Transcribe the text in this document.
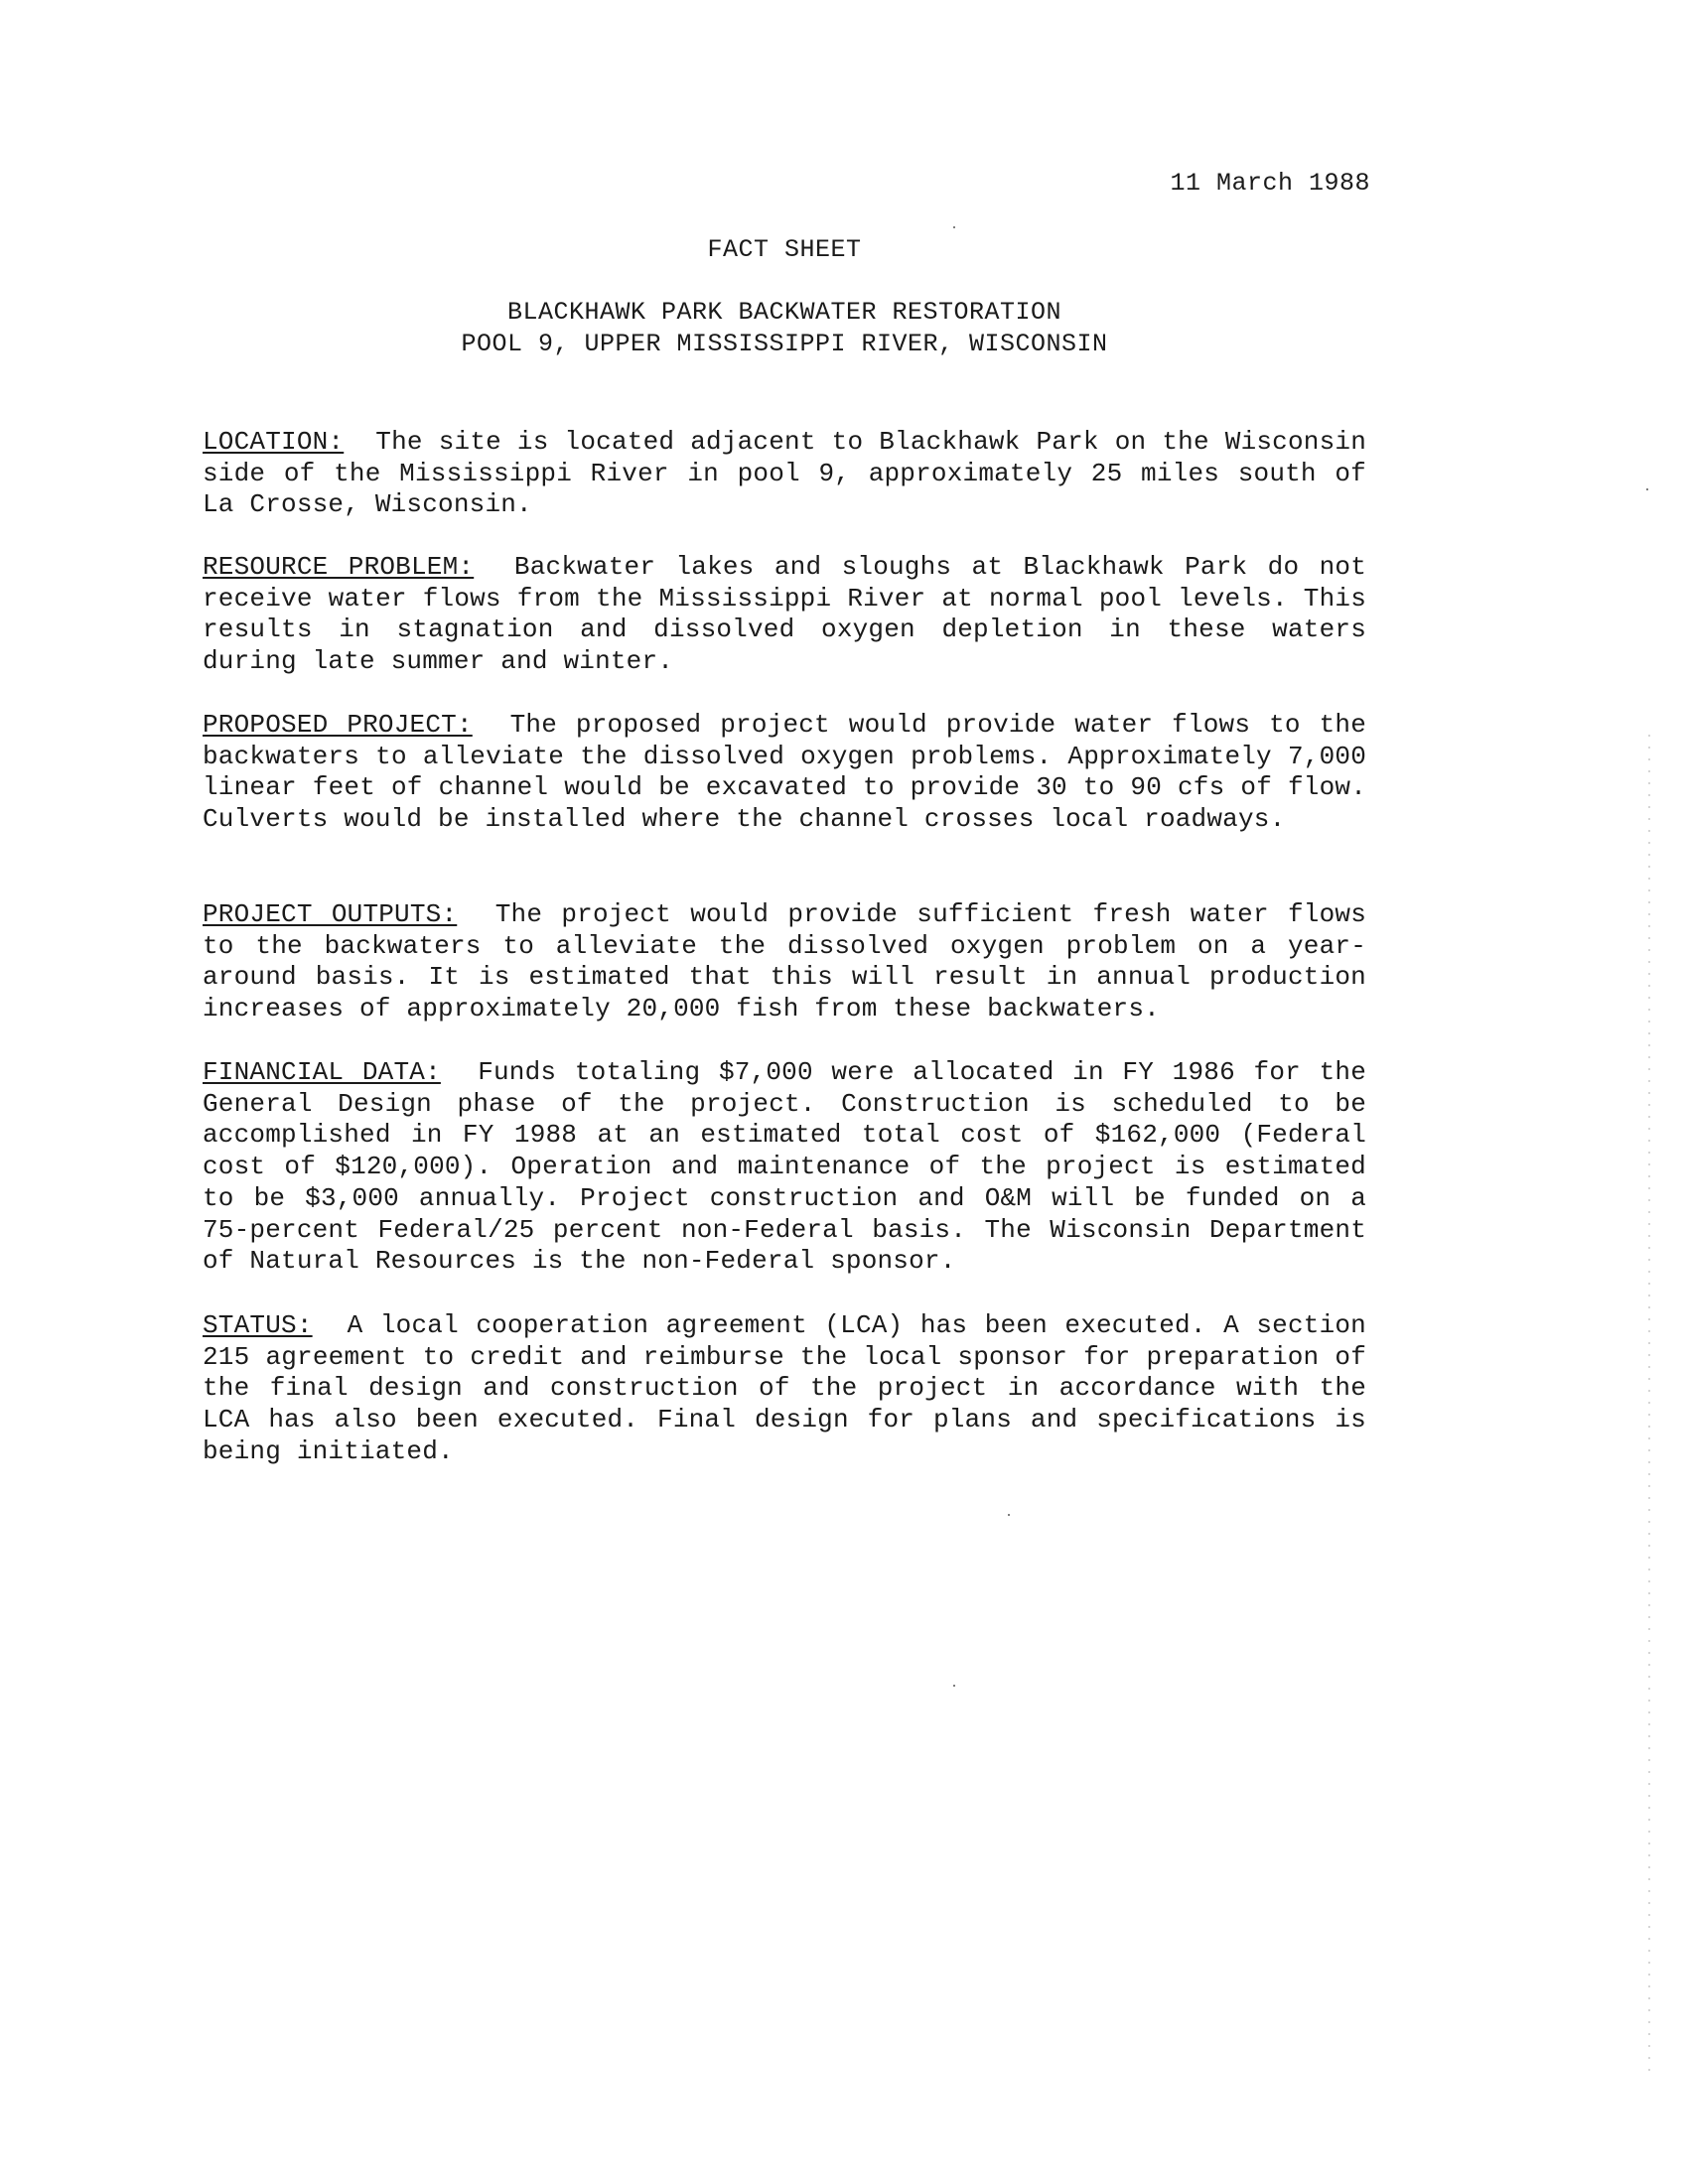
11 March 1988
FACT SHEET
BLACKHAWK PARK BACKWATER RESTORATION
POOL 9, UPPER MISSISSIPPI RIVER, WISCONSIN
LOCATION: The site is located adjacent to Blackhawk Park on the Wisconsin side of the Mississippi River in pool 9, approximately 25 miles south of La Crosse, Wisconsin.
RESOURCE PROBLEM: Backwater lakes and sloughs at Blackhawk Park do not receive water flows from the Mississippi River at normal pool levels. This results in stagnation and dissolved oxygen depletion in these waters during late summer and winter.
PROPOSED PROJECT: The proposed project would provide water flows to the backwaters to alleviate the dissolved oxygen problems. Approximately 7,000 linear feet of channel would be excavated to provide 30 to 90 cfs of flow. Culverts would be installed where the channel crosses local roadways.
PROJECT OUTPUTS: The project would provide sufficient fresh water flows to the backwaters to alleviate the dissolved oxygen problem on a year-around basis. It is estimated that this will result in annual production increases of approximately 20,000 fish from these backwaters.
FINANCIAL DATA: Funds totaling $7,000 were allocated in FY 1986 for the General Design phase of the project. Construction is scheduled to be accomplished in FY 1988 at an estimated total cost of $162,000 (Federal cost of $120,000). Operation and maintenance of the project is estimated to be $3,000 annually. Project construction and O&M will be funded on a 75-percent Federal/25 percent non-Federal basis. The Wisconsin Department of Natural Resources is the non-Federal sponsor.
STATUS: A local cooperation agreement (LCA) has been executed. A section 215 agreement to credit and reimburse the local sponsor for preparation of the final design and construction of the project in accordance with the LCA has also been executed. Final design for plans and specifications is being initiated.
